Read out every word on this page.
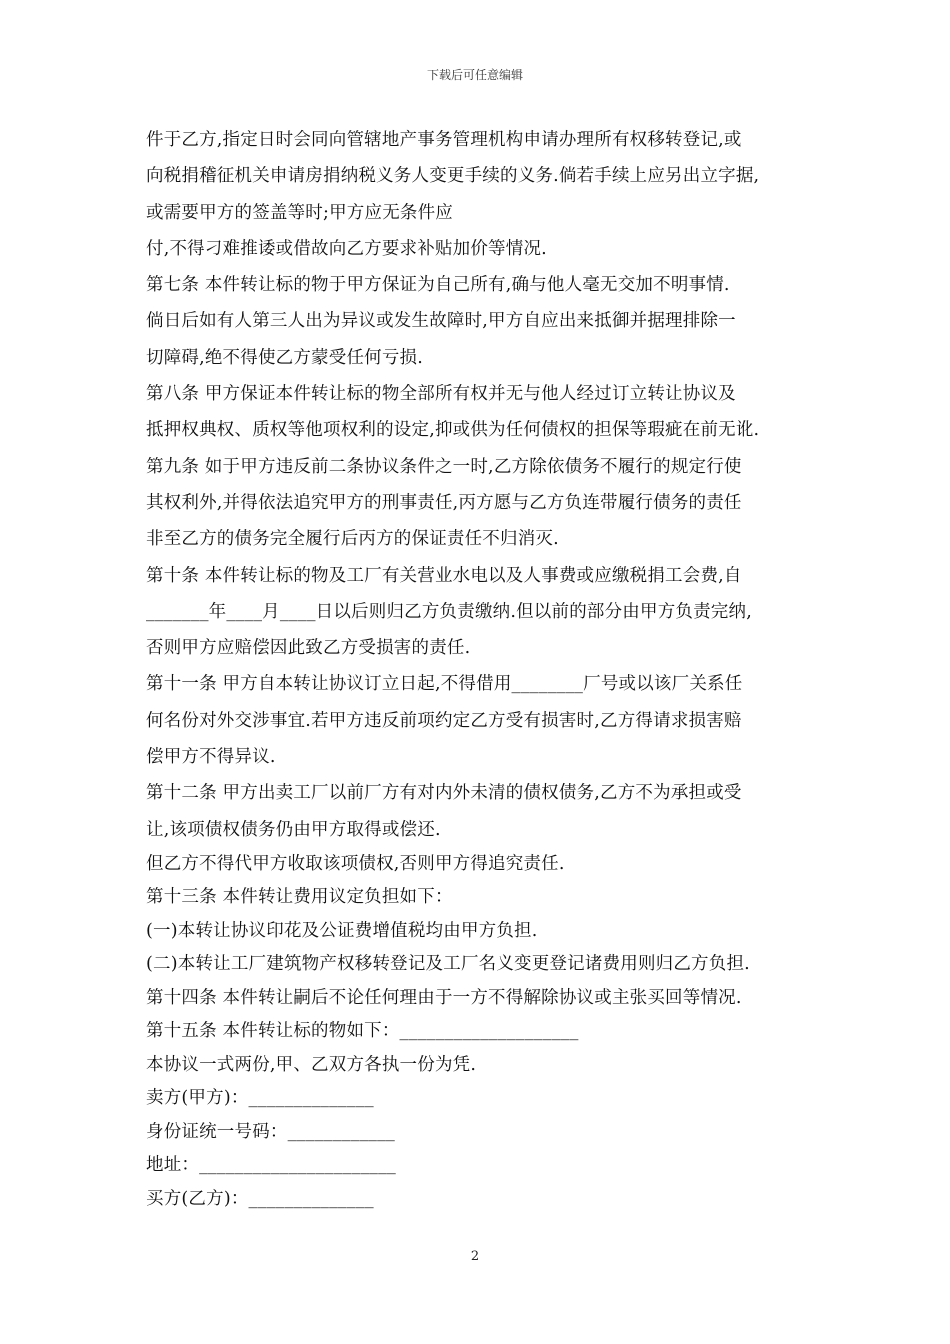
下载后可任意编辑
件于乙方,指定日时会同向管辖地产事务管理机构申请办理所有权移转登记,或
向税捐稽征机关申请房捐纳税义务人变更手续的义务.倘若手续上应另出立字据,
或需要甲方的签盖等时;甲方应无条件应
付,不得刁难推诿或借故向乙方要求补贴加价等情况.
第七条 本件转让标的物于甲方保证为自己所有,确与他人毫无交加不明事情.
倘日后如有人第三人出为异议或发生故障时,甲方自应出来抵御并据理排除一
切障碍,绝不得使乙方蒙受任何亏损.
第八条 甲方保证本件转让标的物全部所有权并无与他人经过订立转让协议及
抵押权典权、质权等他项权利的设定,抑或供为任何债权的担保等瑕疵在前无讹.
第九条 如于甲方违反前二条协议条件之一时,乙方除依债务不履行的规定行使
其权利外,并得依法追究甲方的刑事责任,丙方愿与乙方负连带履行债务的责任
非至乙方的债务完全履行后丙方的保证责任不归消灭.
第十条 本件转让标的物及工厂有关营业水电以及人事费或应缴税捐工会费,自
_______年____月____日以后则归乙方负责缴纳.但以前的部分由甲方负责完纳,
否则甲方应赔偿因此致乙方受损害的责任.
第十一条 甲方自本转让协议订立日起,不得借用________厂号或以该厂关系任
何名份对外交涉事宜.若甲方违反前项约定乙方受有损害时,乙方得请求损害赔
偿甲方不得异议.
第十二条 甲方出卖工厂以前厂方有对内外未清的债权债务,乙方不为承担或受
让,该项债权债务仍由甲方取得或偿还.
但乙方不得代甲方收取该项债权,否则甲方得追究责任.
第十三条 本件转让费用议定负担如下：
(一)本转让协议印花及公证费增值税均由甲方负担.
(二)本转让工厂建筑物产权移转登记及工厂名义变更登记诸费用则归乙方负担.
第十四条 本件转让嗣后不论任何理由于一方不得解除协议或主张买回等情况.
第十五条 本件转让标的物如下：____________________
本协议一式两份,甲、乙双方各执一份为凭.
卖方(甲方)：______________
身份证统一号码：____________
地址：______________________
买方(乙方)：______________
2
